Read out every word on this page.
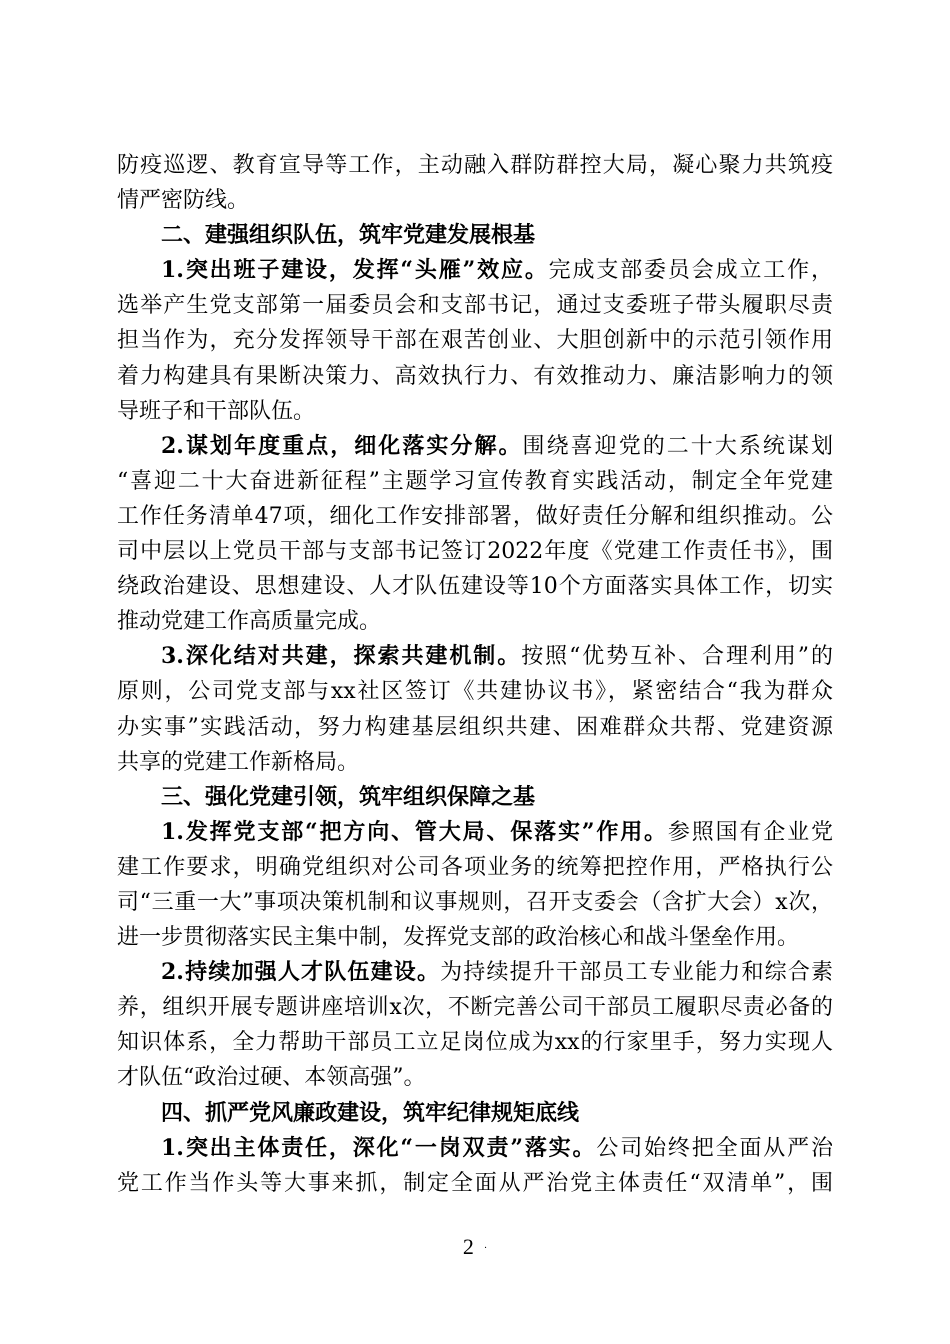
防疫巡逻、教育宣导等工作，主动融入群防群控大局，凝心聚力共筑疫
情严密防线。
二、建强组织队伍，筑牢党建发展根基
1.突出班子建设，发挥“头雁”效应。完成支部委员会成立工作，
选举产生党支部第一届委员会和支部书记，通过支委班子带头履职尽责
担当作为，充分发挥领导干部在艰苦创业、大胆创新中的示范引领作用
着力构建具有果断决策力、高效执行力、有效推动力、廉洁影响力的领
导班子和干部队伍。
2.谋划年度重点，细化落实分解。围绕喜迎党的二十大系统谋划
“喜迎二十大奋进新征程”主题学习宣传教育实践活动，制定全年党建
工作任务清单47项，细化工作安排部署，做好责任分解和组织推动。公
司中层以上党员干部与支部书记签订2022年度《党建工作责任书》，围
绕政治建设、思想建设、人才队伍建设等10个方面落实具体工作，切实
推动党建工作高质量完成。
3.深化结对共建，探索共建机制。按照“优势互补、合理利用”的
原则，公司党支部与xx社区签订《共建协议书》，紧密结合“我为群众
办实事”实践活动，努力构建基层组织共建、困难群众共帮、党建资源
共享的党建工作新格局。
三、强化党建引领，筑牢组织保障之基
1.发挥党支部“把方向、管大局、保落实”作用。参照国有企业党
建工作要求，明确党组织对公司各项业务的统筹把控作用，严格执行公
司“三重一大”事项决策机制和议事规则，召开支委会（含扩大会）x次，
进一步贯彻落实民主集中制，发挥党支部的政治核心和战斗堡垒作用。
2.持续加强人才队伍建设。为持续提升干部员工专业能力和综合素
养，组织开展专题讲座培训x次，不断完善公司干部员工履职尽责必备的
知识体系，全力帮助干部员工立足岗位成为xx的行家里手，努力实现人
才队伍“政治过硬、本领高强”。
四、抓严党风廉政建设，筑牢纪律规矩底线
1.突出主体责任，深化“一岗双责”落实。公司始终把全面从严治
党工作当作头等大事来抓，制定全面从严治党主体责任“双清单”，围
2 ·
